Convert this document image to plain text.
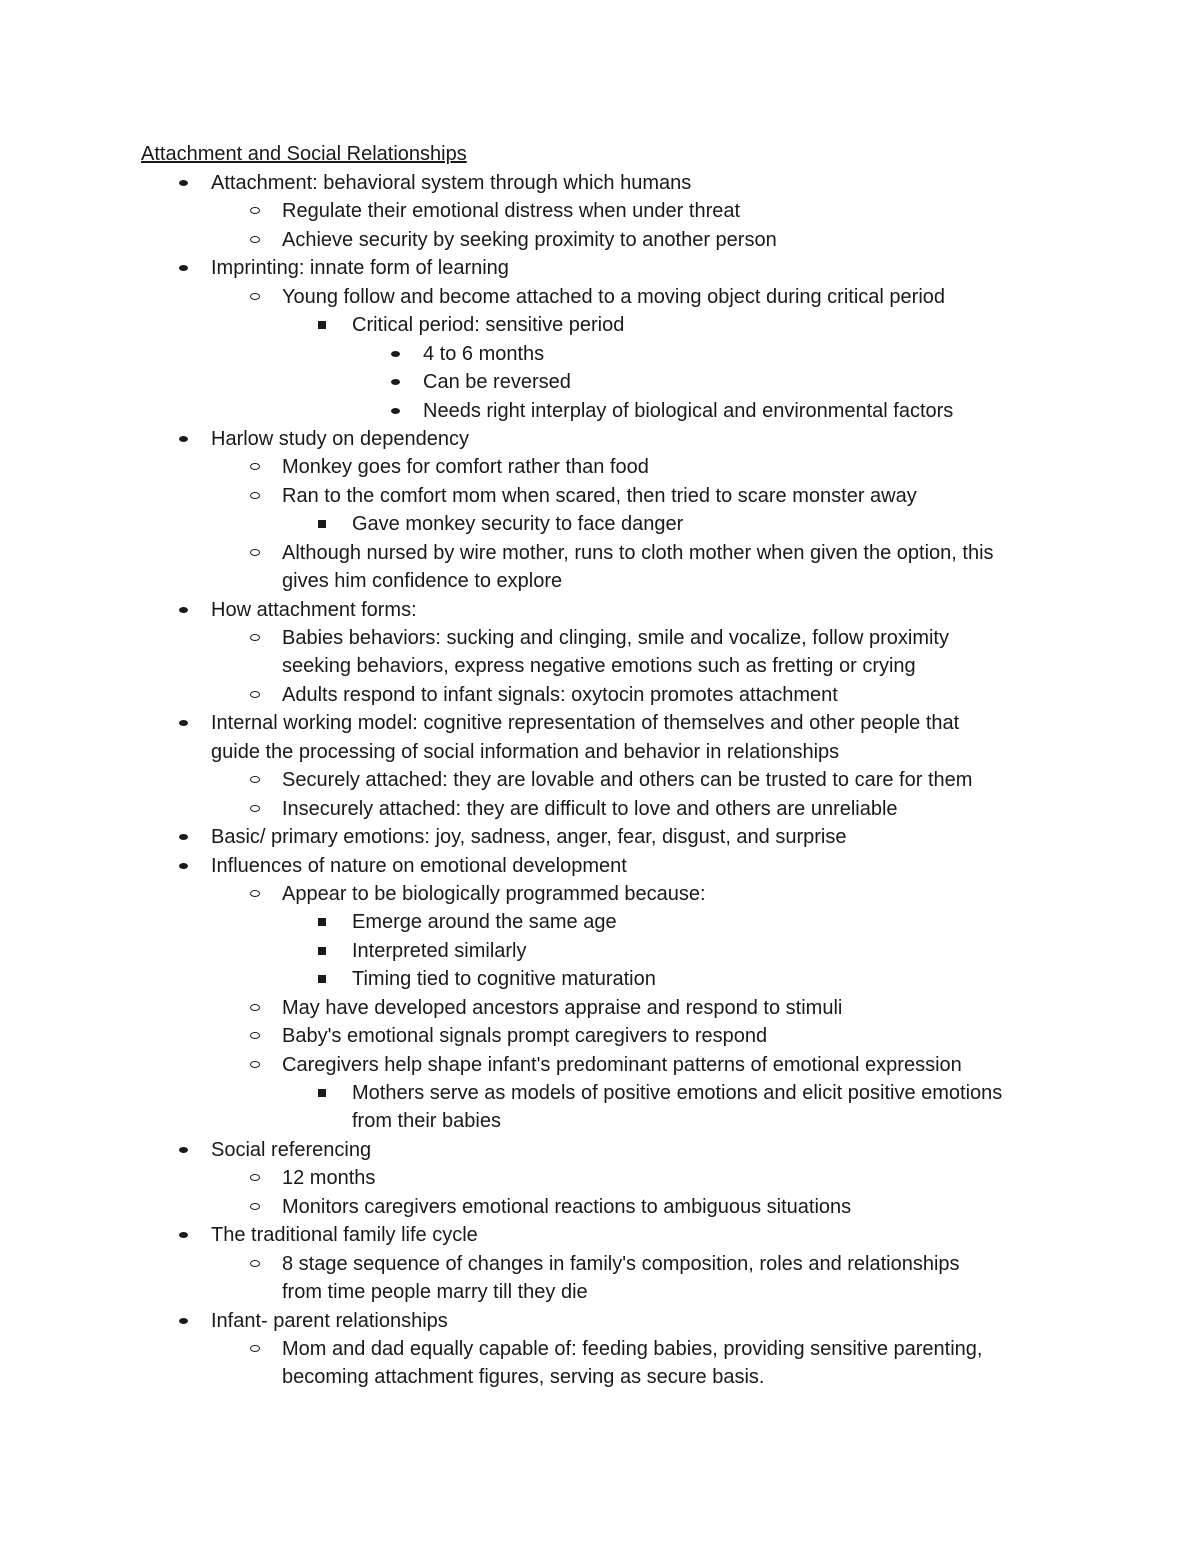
Attachment and Social Relationships
Attachment: behavioral system through which humans
Regulate their emotional distress when under threat
Achieve security by seeking proximity to another person
Imprinting: innate form of learning
Young follow and become attached to a moving object during critical period
Critical period: sensitive period
4 to 6 months
Can be reversed
Needs right interplay of biological and environmental factors
Harlow study on dependency
Monkey goes for comfort rather than food
Ran to the comfort mom when scared, then tried to scare monster away
Gave monkey security to face danger
Although nursed by wire mother, runs to cloth mother when given the option, this
gives him confidence to explore
How attachment forms:
Babies behaviors: sucking and clinging, smile and vocalize, follow proximity
seeking behaviors, express negative emotions such as fretting or crying
Adults respond to infant signals: oxytocin promotes attachment
Internal working model: cognitive representation of themselves and other people that
guide the processing of social information and behavior in relationships
Securely attached: they are lovable and others can be trusted to care for them
Insecurely attached: they are difficult to love and others are unreliable
Basic/ primary emotions: joy, sadness, anger, fear, disgust, and surprise
Influences of nature on emotional development
Appear to be biologically programmed because:
Emerge around the same age
Interpreted similarly
Timing tied to cognitive maturation
May have developed ancestors appraise and respond to stimuli
Baby's emotional signals prompt caregivers to respond
Caregivers help shape infant's predominant patterns of emotional expression
Mothers serve as models of positive emotions and elicit positive emotions
from their babies
Social referencing
12 months
Monitors caregivers emotional reactions to ambiguous situations
The traditional family life cycle
8 stage sequence of changes in family's composition, roles and relationships
from time people marry till they die
Infant- parent relationships
Mom and dad equally capable of: feeding babies, providing sensitive parenting,
becoming attachment figures, serving as secure basis.
